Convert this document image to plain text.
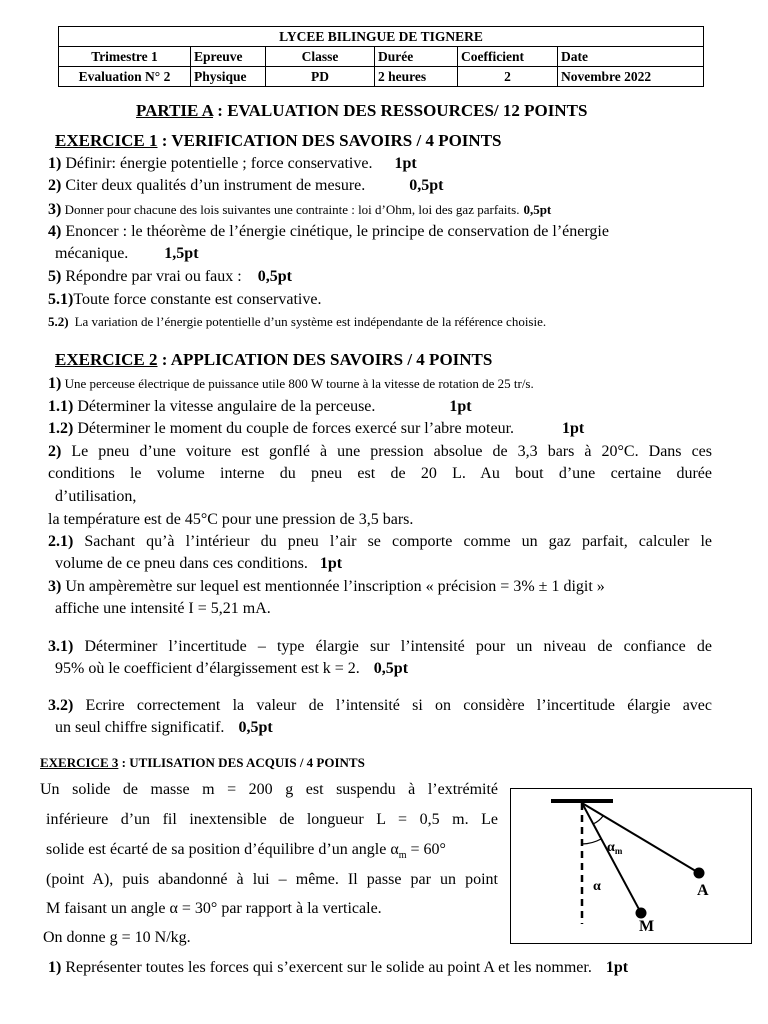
LYCEE BILINGUE DE TIGNERE					
Trimestre 1	Epreuve	Classe	Durée	Coefficient	Date
Evaluation N° 2	Physique	PD	2 heures	2	Novembre 2022
PARTIE A : EVALUATION DES RESSOURCES/ 12 POINTS
EXERCICE 1 : VERIFICATION DES SAVOIRS / 4 POINTS
1) Définir: énergie potentielle ; force conservative. 1pt
2) Citer deux qualités d’un instrument de mesure.	0,5pt
3) Donner pour chacune des lois suivantes une contrainte : loi d’Ohm, loi des gaz parfaits. 0,5pt
4) Enoncer : le théorème de l’énergie cinétique, le principe de conservation de l’énergie
mécanique. 1,5pt
5) Répondre par vrai ou faux : 0,5pt
5.1)Toute force constante est conservative.
5.2) La variation de l’énergie potentielle d’un système est indépendante de la référence choisie.
EXERCICE 2 : APPLICATION DES SAVOIRS / 4 POINTS
1) Une perceuse électrique de puissance utile 800 W tourne à la vitesse de rotation de 25 tr/s.
1.1) Déterminer la vitesse angulaire de la perceuse.	1pt
1.2) Déterminer le moment du couple de forces exercé sur l’abre moteur.	1pt
2) Le pneu d’une voiture est gonflé à une pression absolue de 3,3 bars à 20°C. Dans ces
conditions le volume interne du pneu est de 20 L. Au bout d’une certaine durée
d’utilisation,
la température est de 45°C pour une pression de 3,5 bars.
2.1) Sachant qu’à l’intérieur du pneu l’air se comporte comme un gaz parfait, calculer le
volume de ce pneu dans ces conditions. 1pt
3) Un ampèremètre sur lequel est mentionnée l’inscription « précision = 3% ± 1 digit »
affiche une intensité I = 5,21 mA.
3.1) Déterminer l’incertitude – type élargie sur l’intensité pour un niveau de confiance de
95% où le coefficient d’élargissement est k = 2. 0,5pt
3.2) Ecrire correctement la valeur de l’intensité si on considère l’incertitude élargie avec
un seul chiffre significatif. 0,5pt
EXERCICE 3 : UTILISATION DES ACQUIS / 4 POINTS
Un solide de masse m = 200 g est suspendu à l’extrémité
inférieure d’un fil inextensible de longueur L = 0,5 m. Le
solide est écarté de sa position d’équilibre d’un angle $\alpha_m = 60^\circ$
(point A), puis abandonné à lui – même. Il passe par un point
M faisant un angle α = 30° par rapport à la verticale.
On donne g = 10 N/kg.
1) Représenter toutes les forces qui s’exercent sur le solide au point A et les nommer. 1pt
$\alpha_m$
α	A
M
